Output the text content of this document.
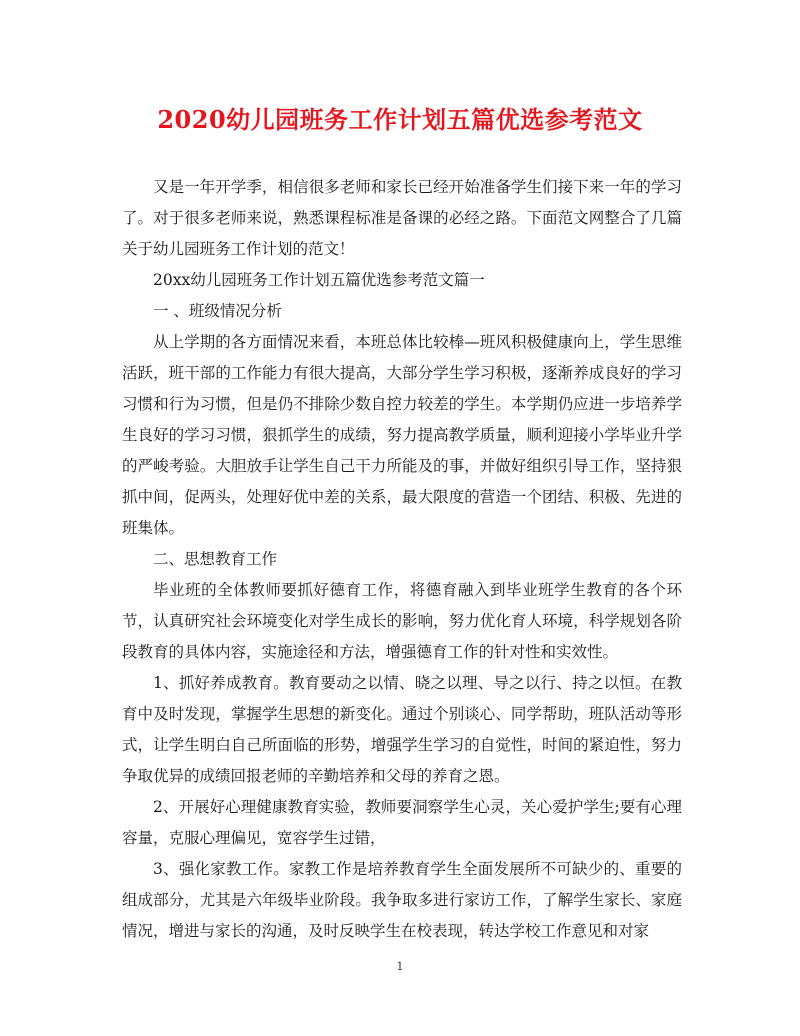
2020幼儿园班务工作计划五篇优选参考范文

又是一年开学季，相信很多老师和家长已经开始准备学生们接下来一年的学习了。对于很多老师来说，熟悉课程标准是备课的必经之路。下面范文网整合了几篇关于幼儿园班务工作计划的范文！

20xx幼儿园班务工作计划五篇优选参考范文篇一

一 、班级情况分析

从上学期的各方面情况来看，本班总体比较棒—班风积极健康向上，学生思维活跃，班干部的工作能力有很大提高，大部分学生学习积极，逐渐养成良好的学习习惯和行为习惯，但是仍不排除少数自控力较差的学生。本学期仍应进一步培养学生良好的学习习惯，狠抓学生的成绩，努力提高教学质量，顺利迎接小学毕业升学的严峻考验。大胆放手让学生自己干力所能及的事，并做好组织引导工作，坚持狠抓中间，促两头，处理好优中差的关系，最大限度的营造一个团结、积极、先进的班集体。

二、思想教育工作

毕业班的全体教师要抓好德育工作，将德育融入到毕业班学生教育的各个环节，认真研究社会环境变化对学生成长的影响，努力优化育人环境，科学规划各阶段教育的具体内容，实施途径和方法，增强德育工作的针对性和实效性。

1、抓好养成教育。教育要动之以情、晓之以理、导之以行、持之以恒。在教育中及时发现，掌握学生思想的新变化。通过个别谈心、同学帮助，班队活动等形式，让学生明白自己所面临的形势，增强学生学习的自觉性，时间的紧迫性，努力争取优异的成绩回报老师的辛勤培养和父母的养育之恩。

2、开展好心理健康教育实验，教师要洞察学生心灵，关心爱护学生;要有心理容量，克服心理偏见，宽容学生过错，

3、强化家教工作。家教工作是培养教育学生全面发展所不可缺少的、重要的组成部分，尤其是六年级毕业阶段。我争取多进行家访工作，了解学生家长、家庭情况，增进与家长的沟通，及时反映学生在校表现，转达学校工作意见和对家

1
